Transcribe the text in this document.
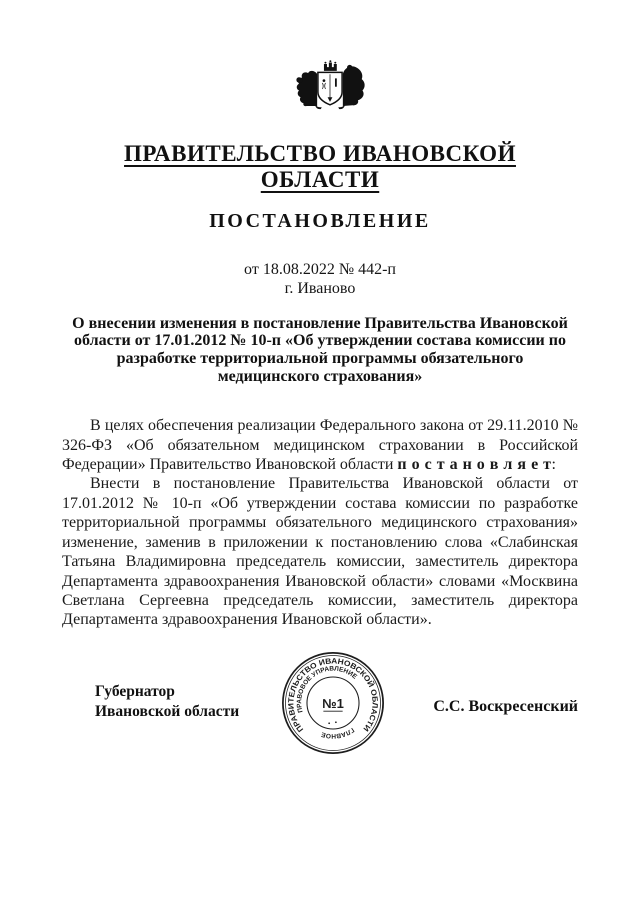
ПРАВИТЕЛЬСТВО ИВАНОВСКОЙ ОБЛАСТИ
ПОСТАНОВЛЕНИЕ
от 18.08.2022 № 442-п
г. Иваново
О внесении изменения в постановление Правительства Ивановской области от 17.01.2012 № 10-п «Об утверждении состава комиссии по разработке территориальной программы обязательного медицинского страхования»

В целях обеспечения реализации Федерального закона от 29.11.2010 № 326-ФЗ «Об обязательном медицинском страховании в Российской Федерации» Правительство Ивановской области п о с т а н о в л я е т:

Внести в постановление Правительства Ивановской области от 17.01.2012 № 10-п «Об утверждении состава комиссии по разработке территориальной программы обязательного медицинского страхования» изменение, заменив в приложении к постановлению слова «Слабинская Татьяна Владимировна председатель комиссии, заместитель директора Департамента здравоохранения Ивановской области» словами «Москвина Светлана Сергеевна председатель комиссии, заместитель директора Департамента здравоохранения Ивановской области».

Губернатор
Ивановской области
ПРАВИТЕЛЬСТВО ИВАНОВСКОЙ ОБЛАСТИ
ПРАВОВОЕ УПРАВЛЕНИЕ
ГЛАВНОЕ
№1	С.С. Воскресенский
